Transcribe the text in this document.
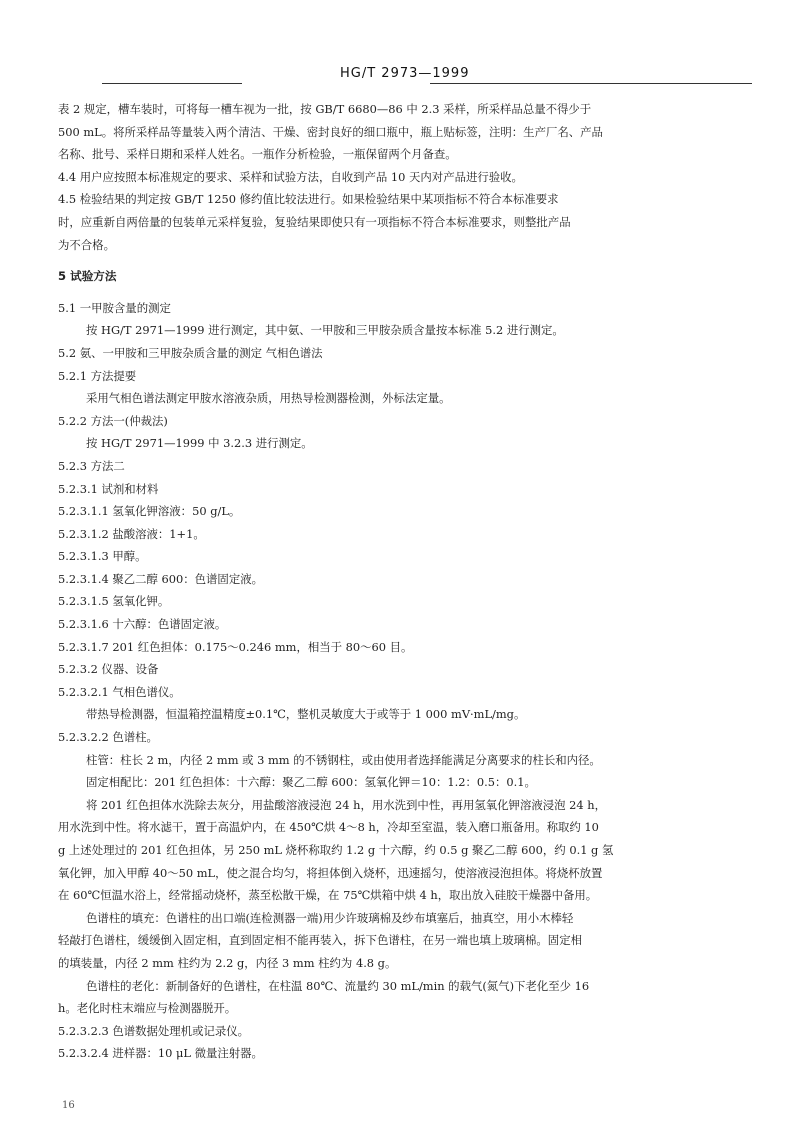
HG/T 2973—1999

表 2 规定，槽车装时，可将每一槽车视为一批，按 GB/T 6680—86 中 2.3 采样，所采样品总量不得少于

500 mL。将所采样品等量装入两个清洁、干燥、密封良好的细口瓶中，瓶上贴标签，注明：生产厂名、产品

名称、批号、采样日期和采样人姓名。一瓶作分析检验，一瓶保留两个月备查。

4.4 用户应按照本标准规定的要求、采样和试验方法，自收到产品 10 天内对产品进行验收。

4.5 检验结果的判定按 GB/T 1250 修约值比较法进行。如果检验结果中某项指标不符合本标准要求

时，应重新自两倍量的包装单元采样复验，复验结果即使只有一项指标不符合本标准要求，则整批产品

为不合格。

5 试验方法

5.1 一甲胺含量的测定

按 HG/T 2971—1999 进行测定，其中氨、一甲胺和三甲胺杂质含量按本标准 5.2 进行测定。

5.2 氨、一甲胺和三甲胺杂质含量的测定 气相色谱法

5.2.1 方法提要

采用气相色谱法测定甲胺水溶液杂质，用热导检测器检测，外标法定量。

5.2.2 方法一(仲裁法)

按 HG/T 2971—1999 中 3.2.3 进行测定。

5.2.3 方法二

5.2.3.1 试剂和材料

5.2.3.1.1 氢氧化钾溶液：50 g/L。

5.2.3.1.2 盐酸溶液：1+1。

5.2.3.1.3 甲醇。

5.2.3.1.4 聚乙二醇 600：色谱固定液。

5.2.3.1.5 氢氧化钾。

5.2.3.1.6 十六醇：色谱固定液。

5.2.3.1.7 201 红色担体：0.175～0.246 mm，相当于 80～60 目。

5.2.3.2 仪器、设备

5.2.3.2.1 气相色谱仪。

带热导检测器，恒温箱控温精度±0.1℃，整机灵敏度大于或等于 1 000 mV·mL/mg。

5.2.3.2.2 色谱柱。

柱管：柱长 2 m，内径 2 mm 或 3 mm 的不锈钢柱，或由使用者选择能满足分离要求的柱长和内径。

固定相配比：201 红色担体：十六醇：聚乙二醇 600：氢氧化钾＝10：1.2：0.5：0.1。

将 201 红色担体水洗除去灰分，用盐酸溶液浸泡 24 h，用水洗到中性，再用氢氧化钾溶液浸泡 24 h，

用水洗到中性。将水滤干，置于高温炉内，在 450℃烘 4～8 h，冷却至室温，装入磨口瓶备用。称取约 10

g 上述处理过的 201 红色担体，另 250 mL 烧杯称取约 1.2 g 十六醇，约 0.5 g 聚乙二醇 600，约 0.1 g 氢

氧化钾，加入甲醇 40～50 mL，使之混合均匀，将担体倒入烧杯，迅速摇匀，使溶液浸泡担体。将烧杯放置

在 60℃恒温水浴上，经常摇动烧杯，蒸至松散干燥，在 75℃烘箱中烘 4 h，取出放入硅胶干燥器中备用。

色谱柱的填充：色谱柱的出口端(连检测器一端)用少许玻璃棉及纱布填塞后，抽真空，用小木棒轻

轻敲打色谱柱，缓缓倒入固定相，直到固定相不能再装入，拆下色谱柱，在另一端也填上玻璃棉。固定相

的填装量，内径 2 mm 柱约为 2.2 g，内径 3 mm 柱约为 4.8 g。

色谱柱的老化：新制备好的色谱柱，在柱温 80℃、流量约 30 mL/min 的载气(氮气)下老化至少 16

h。老化时柱末端应与检测器脱开。

5.2.3.2.3 色谱数据处理机或记录仪。

5.2.3.2.4 进样器：10 μL 微量注射器。

16
